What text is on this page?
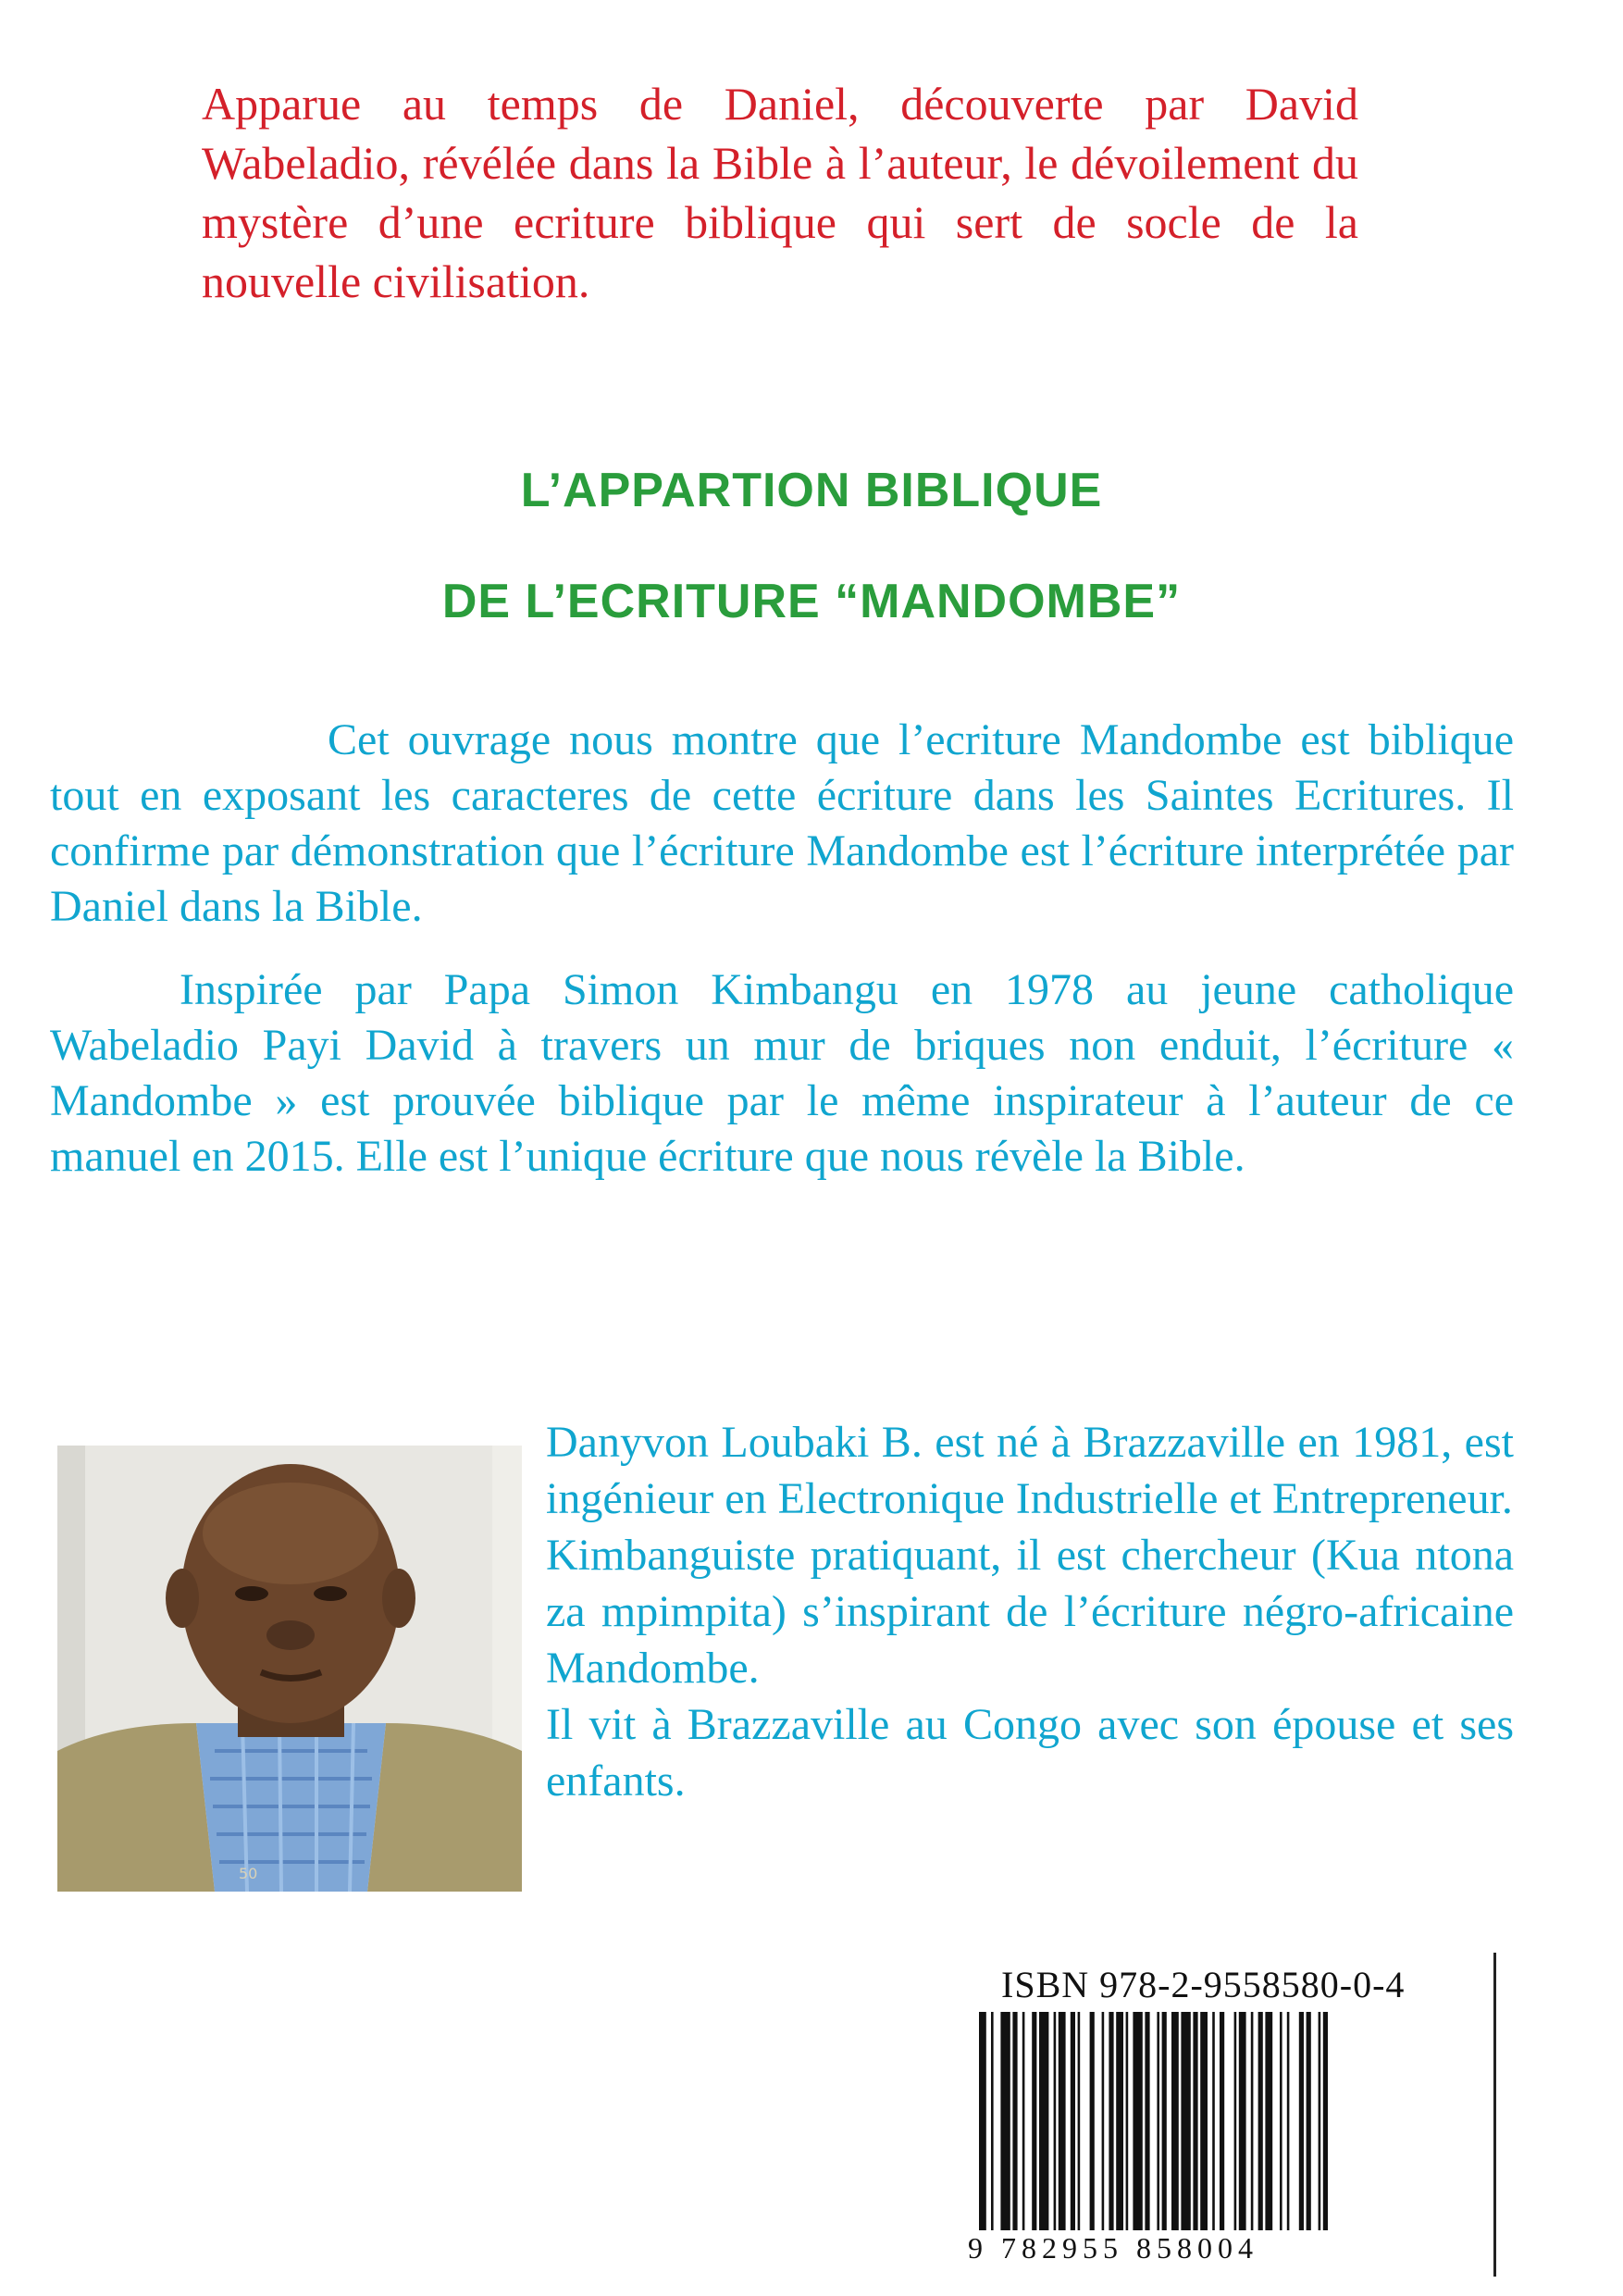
Apparue au temps de Daniel, découverte par David Wabeladio, révélée dans la Bible à l’auteur, le dévoilement du mystère d’une ecriture biblique qui sert de socle de la nouvelle civilisation.

L’APPARTION BIBLIQUE
DE L’ECRITURE “MANDOMBE”

Cet ouvrage nous montre que l’ecriture Mandombe est biblique tout en exposant les caracteres de cette écriture dans les Saintes Ecritures. Il confirme par démonstration que l’écriture Mandombe est l’écriture interprétée par Daniel dans la Bible.

Inspirée par Papa Simon Kimbangu en 1978 au jeune catholique Wabeladio Payi David à travers un mur de briques non enduit, l’écriture « Mandombe » est prouvée biblique par le même inspirateur à l’auteur de ce manuel en 2015. Elle est l’unique écriture que nous révèle la Bible.

50

Danyvon Loubaki B. est né à Brazzaville en 1981, est ingénieur en Electronique Industrielle et Entrepreneur.

Kimbanguiste pratiquant, il est chercheur (Kua ntona za mpimpita) s’inspirant de l’écriture négro-africaine Mandombe.

Il vit à Brazzaville au Congo avec son épouse et ses enfants.

ISBN 978-2-9558580-0-4

9 782955 858004
